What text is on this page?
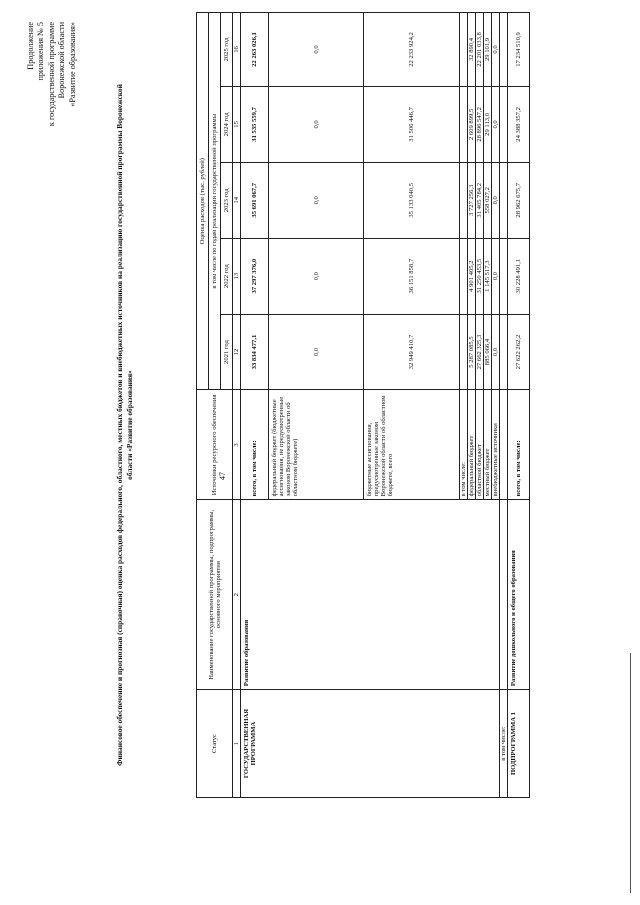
47
Продолжение приложения № 5 к государственной программе Воронежской области «Развитие образования»
Финансовое обеспечение и прогнозная (справочная) оценка расходов федерального, областного, местных бюджетов и внебюджетных источников на реализацию государственной программы Воронежской области «Развитие образования»
Статус	Наименование государственной программы, подпрограммы, основного мероприятия	Источники ресурсного обеспечения	Оценка расходов (тыс. рублей)				
			в том числе по годам реализации государственной программы				
			2021 год	2022 год	2023 год	2024 год	2025 год
1	2	3	12	13	14	15	16
ГОСУДАРСТВЕННАЯ ПРОГРАММА	Развитие образования	всего, в том числе:	33 834 477,1	37 297 376,0	35 691 067,7	31 535 559,7	22 263 026,1
		федеральный бюджет (бюджетные ассигнования, не предусмотренные законом Воронежской области об областном бюджете)	0,0	0,0	0,0	0,0	0,0
		бюджетные ассигнования, предусмотренные законом Воронежской области об областном бюджете, всего	32 949 410,7	36 151 858,7	35 133 040,5	31 506 446,7	22 233 924,2
		в том числе:					
		федеральный бюджет	5 287 085,5	4 901 405,2	3 727 256,3	2 609 899,5	32 890,4
		областной бюджет	27 662 325,3	31 250 453,5	31 405 784,2	28 896 547,2	22 201 033,8
		местный бюджет	885 066,4	1 145 517,3	558 027,2	29 113,0	29 101,9
		внебюджетные источники	0,0	0,0	0,0	0,0	0,0
в том числе:							
ПОДПРОГРАММА 1	Развитие дошкольного и общего образования	всего, в том числе:	27 622 262,2	30 228 491,1	28 962 675,7	24 388 357,2	17 234 510,9
